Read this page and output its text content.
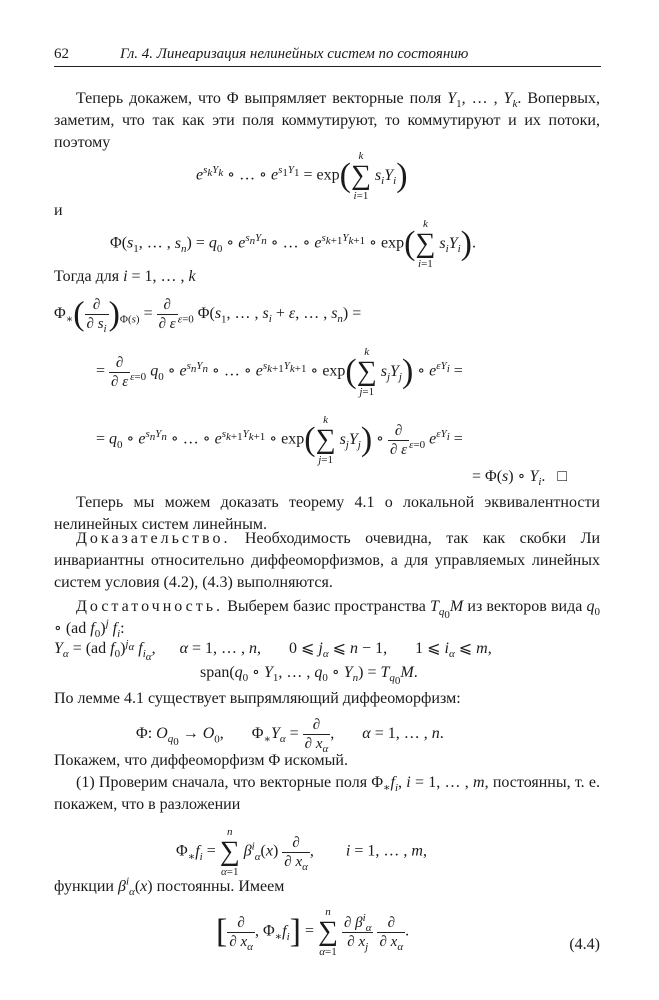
62	Гл. 4. Линеаризация нелинейных систем по состоянию

Теперь докажем, что Φ выпрямляет векторные поля $Y_1$, … , $Y_k$. Вопервых, заметим, что так как эти поля коммутируют, то коммутируют и их потоки, поэтому

$e^{s_kY_k}$ ∘ … ∘ $e^{s_1Y_1} = \exp$(
k
∑
i=1
$s_iY_i$)

и

$\Phi(s_1$, … , $s_n) = q_0$ ∘ $e^{s_nY_n}$ ∘ … ∘ $e^{s_{k+1}Y_{k+1}}$ ∘ exp(
k
∑
i=1
$s_iY_i$).

Тогда для i = 1, … , k

$\Phi_∗( \frac{\partial}{\partial s_i} )_{\Phi(s)} = \frac{\partial}{\partial \varepsilon} _{\varepsilon=0}$ $\Phi(s_1$, … , $s_i + \varepsilon$, … , $s_n$) =
= $\frac{\partial}{\partial \varepsilon} _{\varepsilon=0}$ $q_0$ ∘ $e^{s_nY_n}$ ∘ … ∘ $e^{s_{k+1}Y_{k+1}}$ ∘ exp(
k
∑
j=1
$s_jY_j$) ∘ $e^{\varepsilon Y_i}$ =
= $q_0$ ∘ $e^{s_nY_n}$ ∘ … ∘ $e^{s_{k+1}Y_{k+1}}$ ∘ exp(
k
∑
j=1
$s_jY_j$) ∘ $\frac{\partial}{\partial \varepsilon} _{\varepsilon=0}$ $e^{\varepsilon Y_i}$ =
= Φ(s) ∘ $Y_i$.   □

Теперь мы можем доказать теорему 4.1 о локальной эквивалентности нелинейных систем линейным.

Доказательство. Необходимость очевидна, так как скобки Ли инвариантны относительно диффеоморфизмов, а для управляемых линейных систем условия (4.2), (4.3) выполняются.

Достаточность. Выберем базис пространства $T_{q_0}M$ из векторов вида $q_0$ ∘ (ad $f_0)^j$ $f_i$:

$Y_\alpha = (ad$ $f_0)^{j_\alpha}$ $f_{i_\alpha}$,      α = 1, … , n,       0 ⩽ $j_\alpha$ ⩽ n − 1,       1 ⩽ $i_\alpha$ ⩽ m,
$span(q_0$ ∘ $Y_1$, … , $q_0$ ∘ $Y_n) = T_{q_0}M$.

По лемме 4.1 существует выпрямляющий диффеоморфизм:

Φ: $O_{q_0} \to O_0$,       $\Phi_∗Y_\alpha = \frac{\partial}{\partial x_\alpha}$ ,       α = 1, … , n.

Покажем, что диффеоморфизм Φ искомый.

(1) Проверим сначала, что векторные поля $\Phi_∗f_i$, i = 1, … , m, постоянны, т. е. покажем, что в разложении

$\Phi_∗f_i$ =
n
∑
α=1
$\beta^i_\alpha(x) \frac{\partial}{\partial x_\alpha}$ ,        i = 1, … , m,

функции $\beta^i_\alpha(x)$ постоянны. Имеем

[ $\frac{\partial}{\partial x_\alpha}$ , $\Phi_∗f_i$] =
n
∑
α=1

$\frac{\partial \beta^i_\alpha}{\partial x_j}$
$\frac{\partial}{\partial x_\alpha}$ .
(4.4)
